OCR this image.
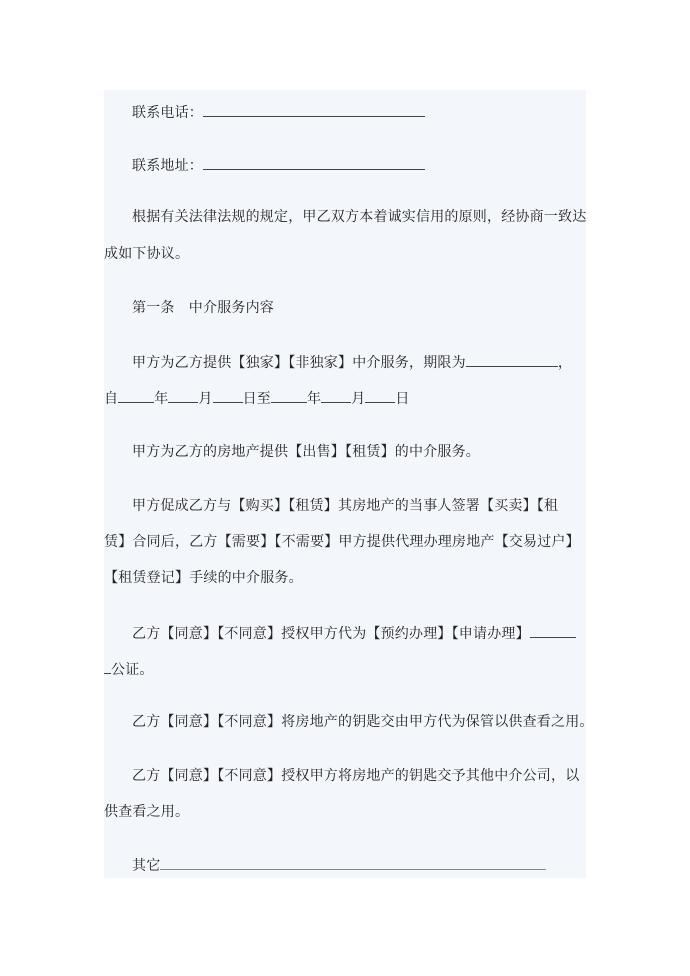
联系电话：
联系地址：
根据有关法律法规的规定，甲乙双方本着诚实信用的原则，经协商一致达
成如下协议。
第一条　中介服务内容
甲方为乙方提供【独家】【非独家】中介服务，期限为	，
自	年 月 日至	年 月 日
甲方为乙方的房地产提供【出售】【租赁】的中介服务。
甲方促成乙方与【购买】【租赁】其房地产的当事人签署【买卖】【租
赁】合同后，乙方【需要】【不需要】甲方提供代理办理房地产【交易过户】
【租赁登记】手续的中介服务。
乙方【同意】【不同意】授权甲方代为【预约办理】【申请办理】
公证。
乙方【同意】【不同意】将房地产的钥匙交由甲方代为保管以供查看之用。
乙方【同意】【不同意】授权甲方将房地产的钥匙交予其他中介公司，以
供查看之用。
其它
